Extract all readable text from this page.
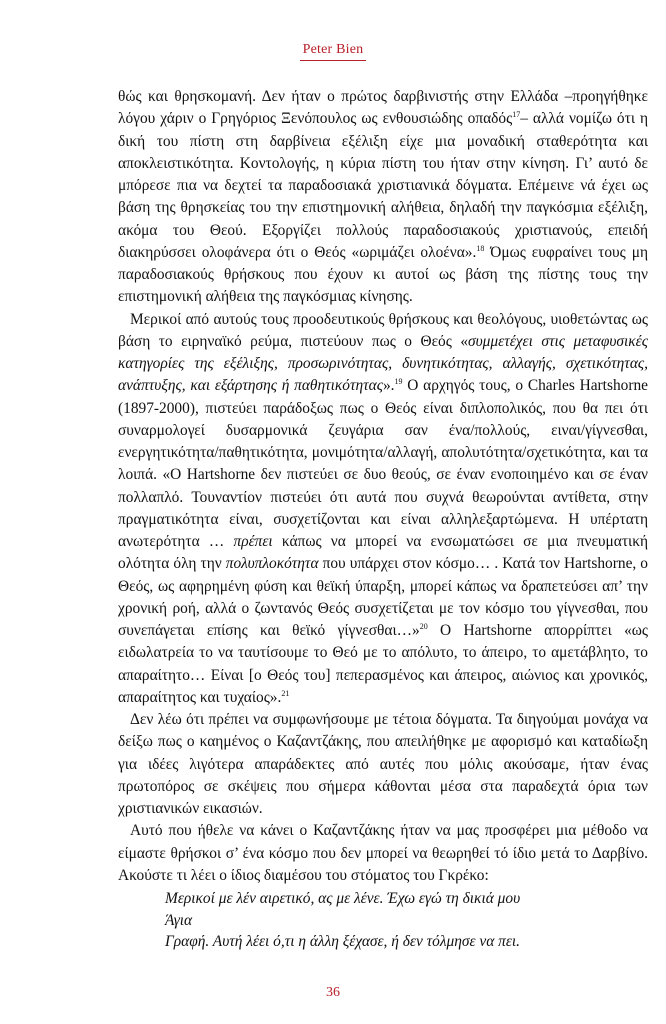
Peter Bien

θώς και θρησκομανή. Δεν ήταν ο πρώτος δαρβινιστής στην Ελλάδα –προηγήθηκε λόγου χάριν ο Γρηγόριος Ξενόπουλος ως ενθουσιώδης οπαδός$^{17}$– αλλά νομίζω ότι η δική του πίστη στη δαρβίνεια εξέλιξη είχε μια μοναδική σταθερότητα και αποκλειστικότητα. Κοντολογής, η κύρια πίστη του ήταν στην κίνηση. Γι’ αυτό δε μπόρεσε πια να δεχτεί τα παραδοσιακά χριστιανικά δόγματα. Επέμεινε νά έχει ως βάση της θρησκείας του την επιστημονική αλήθεια, δηλαδή την παγκόσμια εξέλιξη, ακόμα του Θεού. Εξοργίζει πολλούς παραδοσιακούς χριστιανούς, επειδή διακηρύσσει ολοφάνερα ότι ο Θεός «ωριμάζει ολοένα».$^{18}$ Όμως ευφραίνει τους μη παραδοσιακούς θρήσκους που έχουν κι αυτοί ως βάση της πίστης τους την επιστημονική αλήθεια της παγκόσμιας κίνησης.

Μερικοί από αυτούς τους προοδευτικούς θρήσκους και θεολόγους, υιοθετώντας ως βάση το ειρηναϊκό ρεύμα, πιστεύουν πως ο Θεός «συμμετέχει στις μεταφυσικές κατηγορίες της εξέλιξης, προσωρινότητας, δυνητικότητας, αλλαγής, σχετικότητας, ανάπτυξης, και εξάρτησης ή παθητικότητας».$^{19}$ Ο αρχηγός τους, ο Charles Hartshorne (1897-2000), πιστεύει παράδοξως πως ο Θεός είναι διπλοπολικός, που θα πει ότι συναρμολογεί δυσαρμονικά ζευγάρια σαν ένα/πολλούς, ειναι/γίγνεσθαι, ενεργητικότητα/παθητικότητα, μονιμότητα/αλλαγή, απολυτότητα/σχετικότητα, και τα λοιπά. «Ο Hartshorne δεν πιστεύει σε δυο θεούς, σε έναν ενοποιημένο και σε έναν πολλαπλό. Τουναντίον πιστεύει ότι αυτά που συχνά θεωρούνται αντίθετα, στην πραγματικότητα είναι, συσχετίζονται και είναι αλληλεξαρτώμενα. Η υπέρτατη ανωτερότητα … πρέπει κάπως να μπορεί να ενσωματώσει σε μια πνευματική ολότητα όλη την πολυπλοκότητα που υπάρχει στον κόσμο… . Κατά τον Hartshorne, ο Θεός, ως αφηρημένη φύση και θεϊκή ύπαρξη, μπορεί κάπως να δραπετεύσει απ’ την χρονική ροή, αλλά ο ζωντανός Θεός συσχετίζεται με τον κόσμο του γίγνεσθαι, που συνεπάγεται επίσης και θεϊκό γίγνεσθαι…»$^{20}$ Ο Hartshorne απορρίπτει «ως ειδωλατρεία το να ταυτίσουμε το Θεό με το απόλυτο, το άπειρο, το αμετάβλητο, το απαραίτητο… Είναι [ο Θεός του] πεπερασμένος και άπειρος, αιώνιος και χρονικός, απαραίτητος και τυχαίος».$^{21}$

Δεν λέω ότι πρέπει να συμφωνήσουμε με τέτοια δόγματα. Τα διηγούμαι μονάχα να δείξω πως ο καημένος ο Καζαντζάκης, που απειλήθηκε με αφορισμό και καταδίωξη για ιδέες λιγότερα απαράδεκτες από αυτές που μόλις ακούσαμε, ήταν ένας πρωτοπόρος σε σκέψεις που σήμερα κάθονται μέσα στα παραδεχτά όρια των χριστιανικών εικασιών.

Αυτό που ήθελε να κάνει ο Καζαντζάκης ήταν να μας προσφέρει μια μέθοδο να είμαστε θρήσκοι σ’ ένα κόσμο που δεν μπορεί να θεωρηθεί τό ίδιο μετά το Δαρβίνο. Ακούστε τι λέει ο ίδιος διαμέσου του στόματος του Γκρέκο:

Μερικοί με λέν αιρετικό, ας με λένε. Έχω εγώ τη δικιά μου
Άγια
Γραφή. Αυτή λέει ό,τι η άλλη ξέχασε, ή δεν τόλμησε να πει.
36
